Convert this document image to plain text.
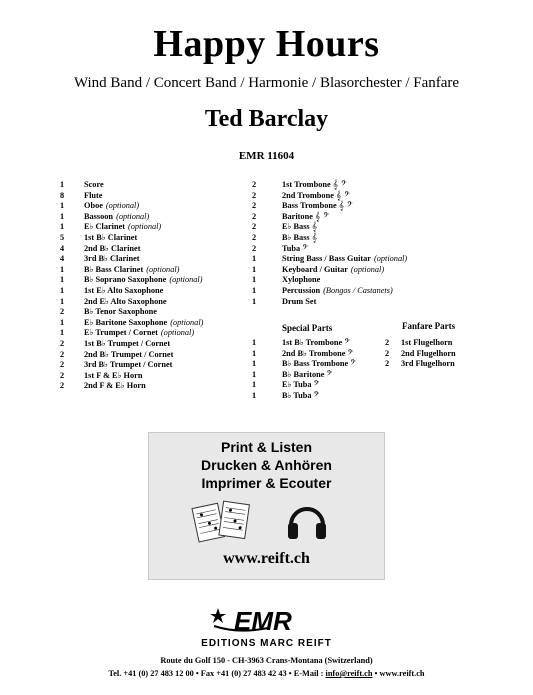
Happy Hours
Wind Band / Concert Band / Harmonie / Blasorchester / Fanfare
Ted Barclay
EMR 11604
1	Score
8	Flute
1	Oboe (optional)
1	Bassoon (optional)
1	E♭ Clarinet (optional)
5	1st B♭ Clarinet
4	2nd B♭ Clarinet
4	3rd B♭ Clarinet
1	B♭ Bass Clarinet (optional)
1	B♭ Soprano Saxophone (optional)
1	1st E♭ Alto Saxophone
1	2nd E♭ Alto Saxophone
2	B♭ Tenor Saxophone
1	E♭ Baritone Saxophone (optional)
1	E♭ Trumpet / Cornet (optional)
2	1st B♭ Trumpet / Cornet
2	2nd B♭ Trumpet / Cornet
2	3rd B♭ Trumpet / Cornet
2	1st F & E♭ Horn
2	2nd F & E♭ Horn
2	1st Trombone 𝄞 𝄢
2	2nd Trombone 𝄞 𝄢
2	Bass Trombone 𝄞 𝄢
2	Baritone 𝄞 𝄢
2	E♭ Bass 𝄞
2	B♭ Bass 𝄞
2	Tuba 𝄢
1	String Bass / Bass Guitar (optional)
1	Keyboard / Guitar (optional)
1	Xylophone
1	Percussion (Bongos / Castanets)
1	Drum Set
Special Parts	Fanfare Parts
1	1st B♭ Trombone 𝄢
1	2nd B♭ Trombone 𝄢
1	B♭ Bass Trombone 𝄢
1	B♭ Baritone 𝄢
1	E♭ Tuba 𝄢
1	B♭ Tuba 𝄢
2	1st Flugelhorn
2	2nd Flugelhorn
2	3rd Flugelhorn
Print & Listen
Drucken & Anhören
Imprimer & Ecouter
www.reift.ch
EMR
EDITIONS MARC REIFT
Route du Golf 150 - CH-3963 Crans-Montana (Switzerland)
Tel. +41 (0) 27 483 12 00 • Fax +41 (0) 27 483 42 43 • E-Mail : info@reift.ch • www.reift.ch
